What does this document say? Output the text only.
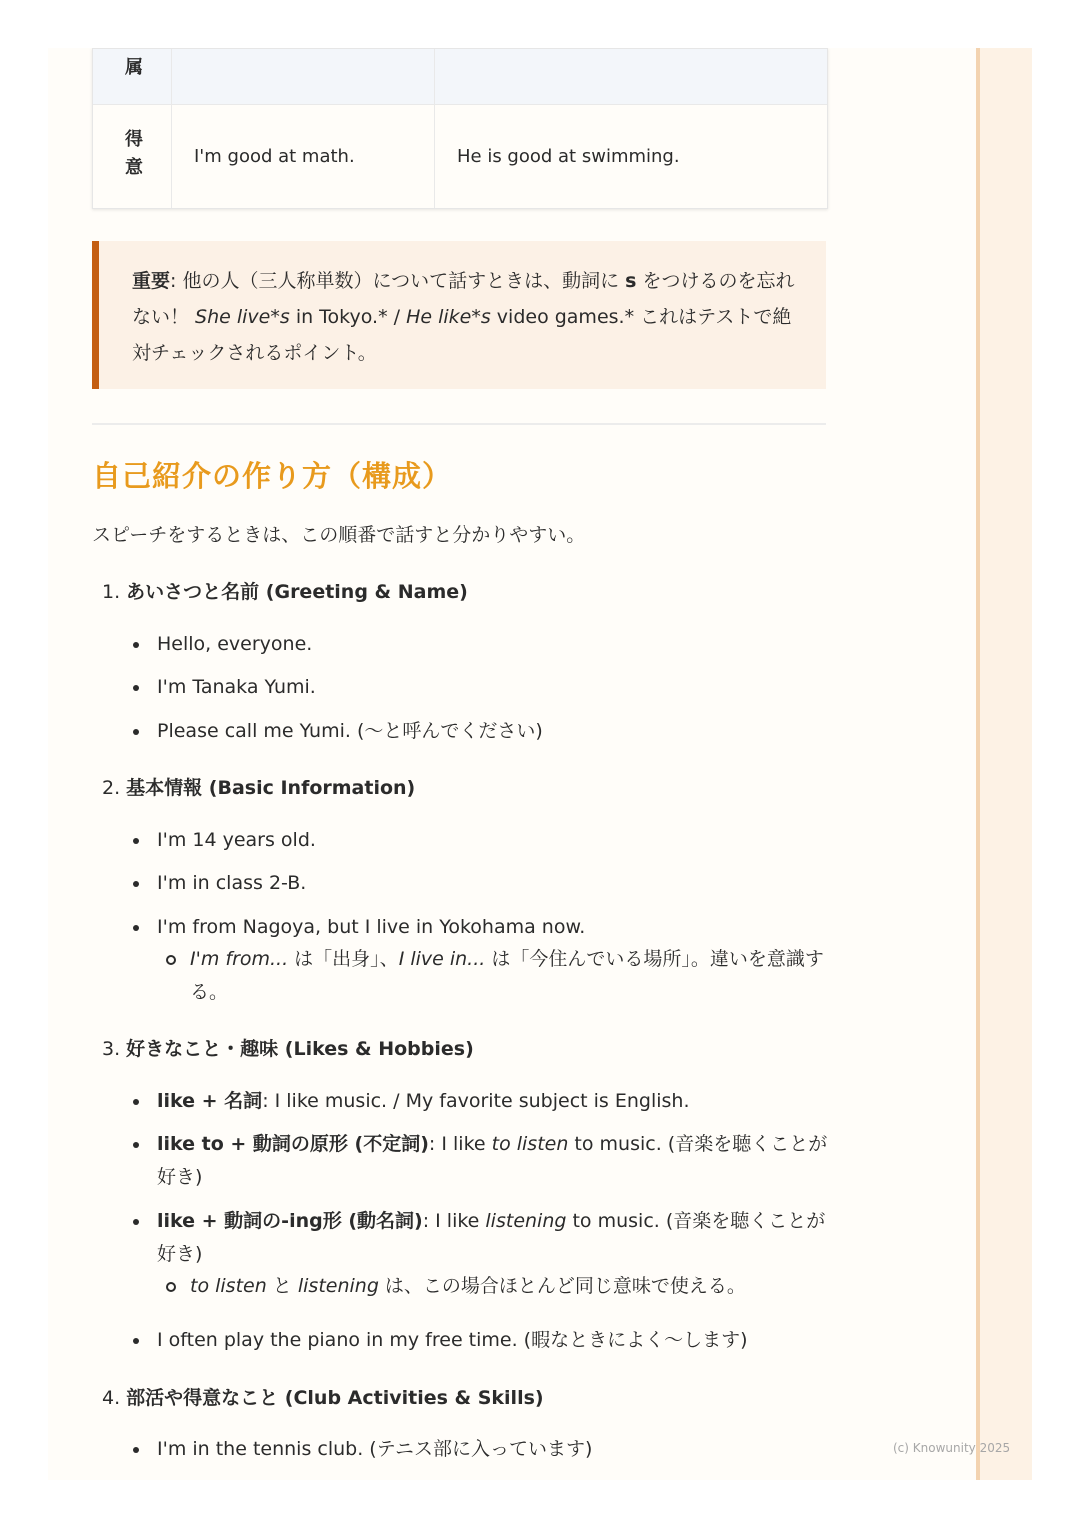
属
得意	I'm good at math.	He is good at swimming.
重要: 他の人（三人称単数）について話すときは、動詞に s をつけるのを忘れない！ She live*s in Tokyo.* / He like*s video games.* これはテストで絶対チェックされるポイント。
自己紹介の作り方（構成）

スピーチをするときは、この順番で話すと分かりやすい。

1. あいさつと名前 (Greeting & Name)
Hello, everyone.
I'm Tanaka Yumi.
Please call me Yumi. (〜と呼んでください)
2. 基本情報 (Basic Information)
I'm 14 years old.
I'm in class 2-B.
I'm from Nagoya, but I live in Yokohama now.
I'm from... は「出身」、I live in... は「今住んでいる場所」。違いを意識する。
3. 好きなこと・趣味 (Likes & Hobbies)
like + 名詞: I like music. / My favorite subject is English.
like to + 動詞の原形 (不定詞): I like to listen to music. (音楽を聴くことが好き)
like + 動詞の-ing形 (動名詞): I like listening to music. (音楽を聴くことが好き)
to listen と listening は、この場合ほとんど同じ意味で使える。
I often play the piano in my free time. (暇なときによく〜します)
4. 部活や得意なこと (Club Activities & Skills)
I'm in the tennis club. (テニス部に入っています)	(c) Knowunity 2025
